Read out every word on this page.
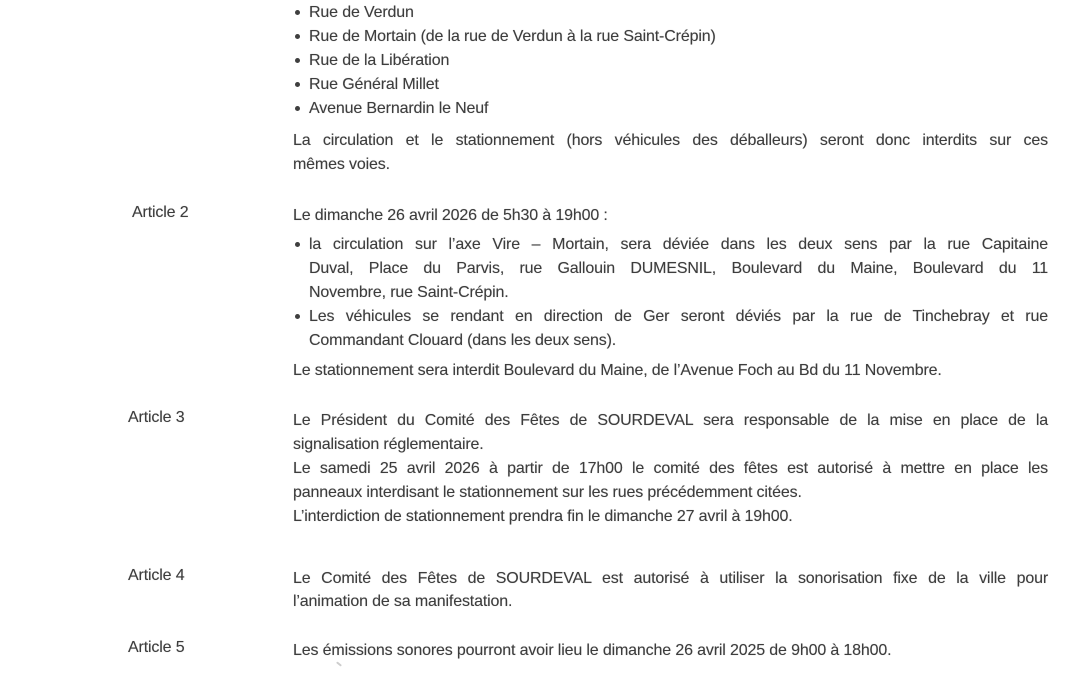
Rue de Verdun
Rue de Mortain (de la rue de Verdun à la rue Saint-Crépin)
Rue de la Libération
Rue Général Millet
Avenue Bernardin le Neuf
La circulation et le stationnement (hors véhicules des déballeurs) seront donc interdits sur ces
mêmes voies.
Article 2	Le dimanche 26 avril 2026 de 5h30 à 19h00 :
la circulation sur l’axe Vire – Mortain, sera déviée dans les deux sens par la rue Capitaine
Duval, Place du Parvis, rue Gallouin DUMESNIL, Boulevard du Maine, Boulevard du 11
Novembre, rue Saint-Crépin.
Les véhicules se rendant en direction de Ger seront déviés par la rue de Tinchebray et rue
Commandant Clouard (dans les deux sens).
Le stationnement sera interdit Boulevard du Maine, de l’Avenue Foch au Bd du 11 Novembre.
Article 3	Le Président du Comité des Fêtes de SOURDEVAL sera responsable de la mise en place de la
signalisation réglementaire.
Le samedi 25 avril 2026 à partir de 17h00 le comité des fêtes est autorisé à mettre en place les
panneaux interdisant le stationnement sur les rues précédemment citées.
L’interdiction de stationnement prendra fin le dimanche 27 avril à 19h00.
Article 4	Le Comité des Fêtes de SOURDEVAL est autorisé à utiliser la sonorisation fixe de la ville pour
l’animation de sa manifestation.
Article 5	Les émissions sonores pourront avoir lieu le dimanche 26 avril 2025 de 9h00 à 18h00.
